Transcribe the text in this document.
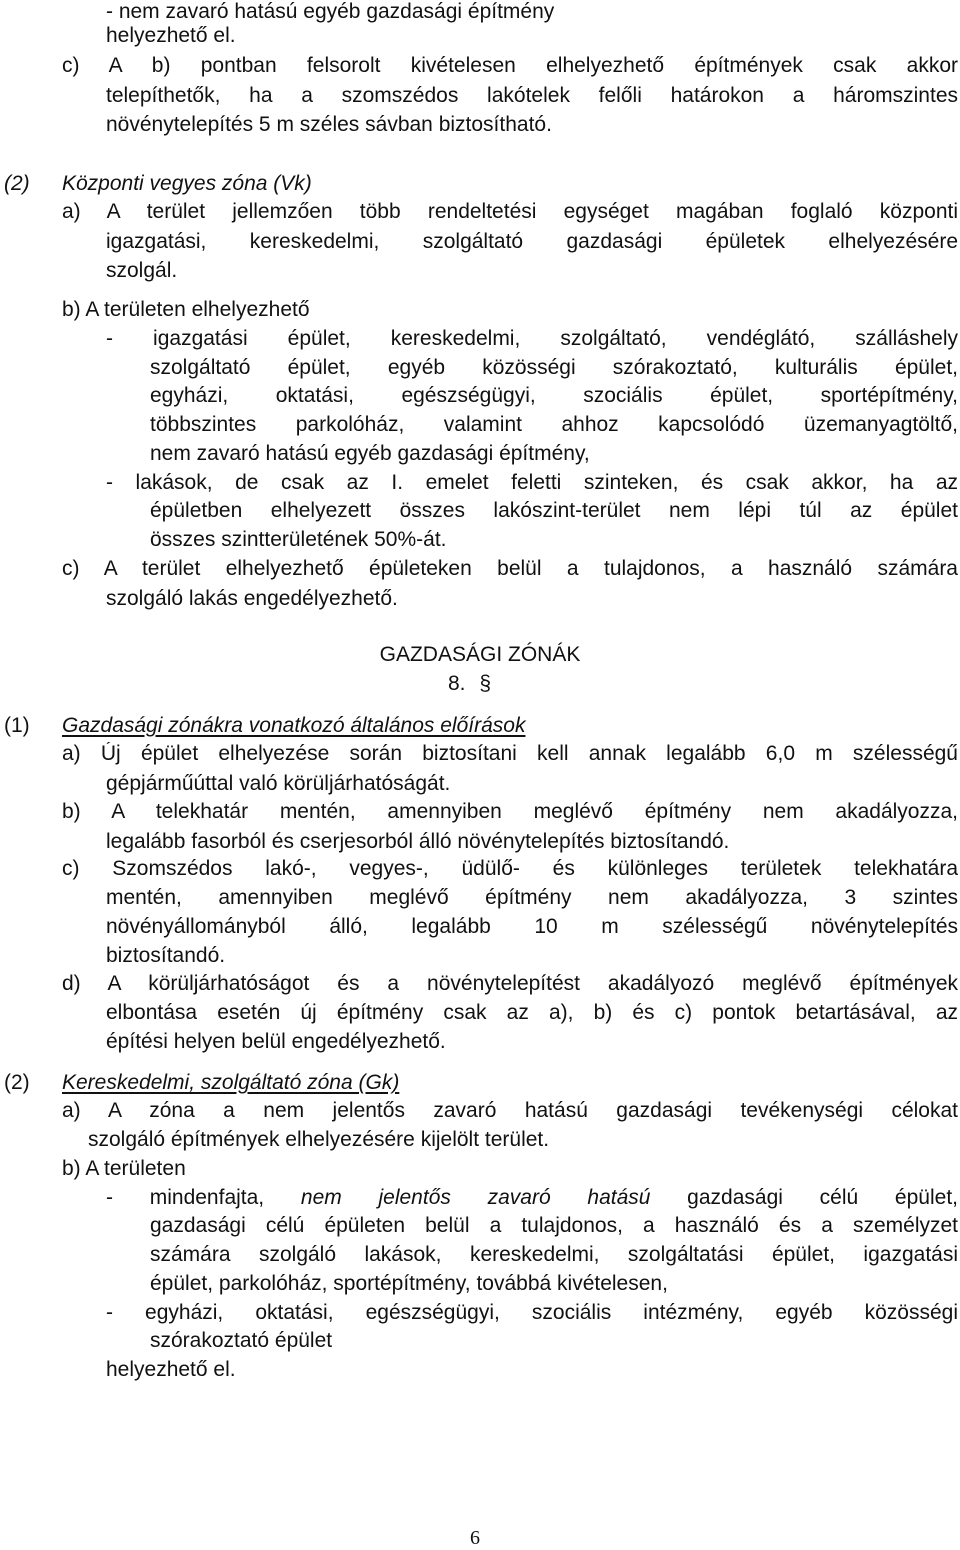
- nem zavaró hatású egyéb gazdasági építmény
helyezhető el.
c) A b) pontban felsorolt kivételesen elhelyezhető építmények csak akkor
telepíthetők, ha a szomszédos lakótelek felőli határokon a háromszintes
növénytelepítés 5 m széles sávban biztosítható.
(2) Központi vegyes zóna (Vk)
a) A terület jellemzően több rendeltetési egységet magában foglaló központi
igazgatási, kereskedelmi, szolgáltató gazdasági épületek elhelyezésére
szolgál.
b) A területen elhelyezhető
- igazgatási épület, kereskedelmi, szolgáltató, vendéglátó, szálláshely
szolgáltató épület, egyéb közösségi szórakoztató, kulturális épület,
egyházi, oktatási, egészségügyi, szociális épület, sportépítmény,
többszintes parkolóház, valamint ahhoz kapcsolódó üzemanyagtöltő,
nem zavaró hatású egyéb gazdasági építmény,
- lakások, de csak az I. emelet feletti szinteken, és csak akkor, ha az
épületben elhelyezett összes lakószint-terület nem lépi túl az épület
összes szintterületének 50%-át.
c) A terület elhelyezhető épületeken belül a tulajdonos, a használó számára
szolgáló lakás engedélyezhető.
GAZDASÁGI ZÓNÁK
8. §
(1) Gazdasági zónákra vonatkozó általános előírások
a) Új épület elhelyezése során biztosítani kell annak legalább 6,0 m szélességű
gépjárműúttal való körüljárhatóságát.
b) A telekhatár mentén, amennyiben meglévő építmény nem akadályozza,
legalább fasorból és cserjesorból álló növénytelepítés biztosítandó.
c) Szomszédos lakó-, vegyes-, üdülő- és különleges területek telekhatára
mentén, amennyiben meglévő építmény nem akadályozza, 3 szintes
növényállományból álló, legalább 10 m szélességű növénytelepítés
biztosítandó.
d) A körüljárhatóságot és a növénytelepítést akadályozó meglévő építmények
elbontása esetén új építmény csak az a), b) és c) pontok betartásával, az
építési helyen belül engedélyezhető.
(2) Kereskedelmi, szolgáltató zóna (Gk)
a) A zóna a nem jelentős zavaró hatású gazdasági tevékenységi célokat
szolgáló építmények elhelyezésére kijelölt terület.
b) A területen
- mindenfajta, nem jelentős zavaró hatású gazdasági célú épület,
gazdasági célú épületen belül a tulajdonos, a használó és a személyzet
számára szolgáló lakások, kereskedelmi, szolgáltatási épület, igazgatási
épület, parkolóház, sportépítmény, továbbá kivételesen,
- egyházi, oktatási, egészségügyi, szociális intézmény, egyéb közösségi
szórakoztató épület
helyezhető el.
6
